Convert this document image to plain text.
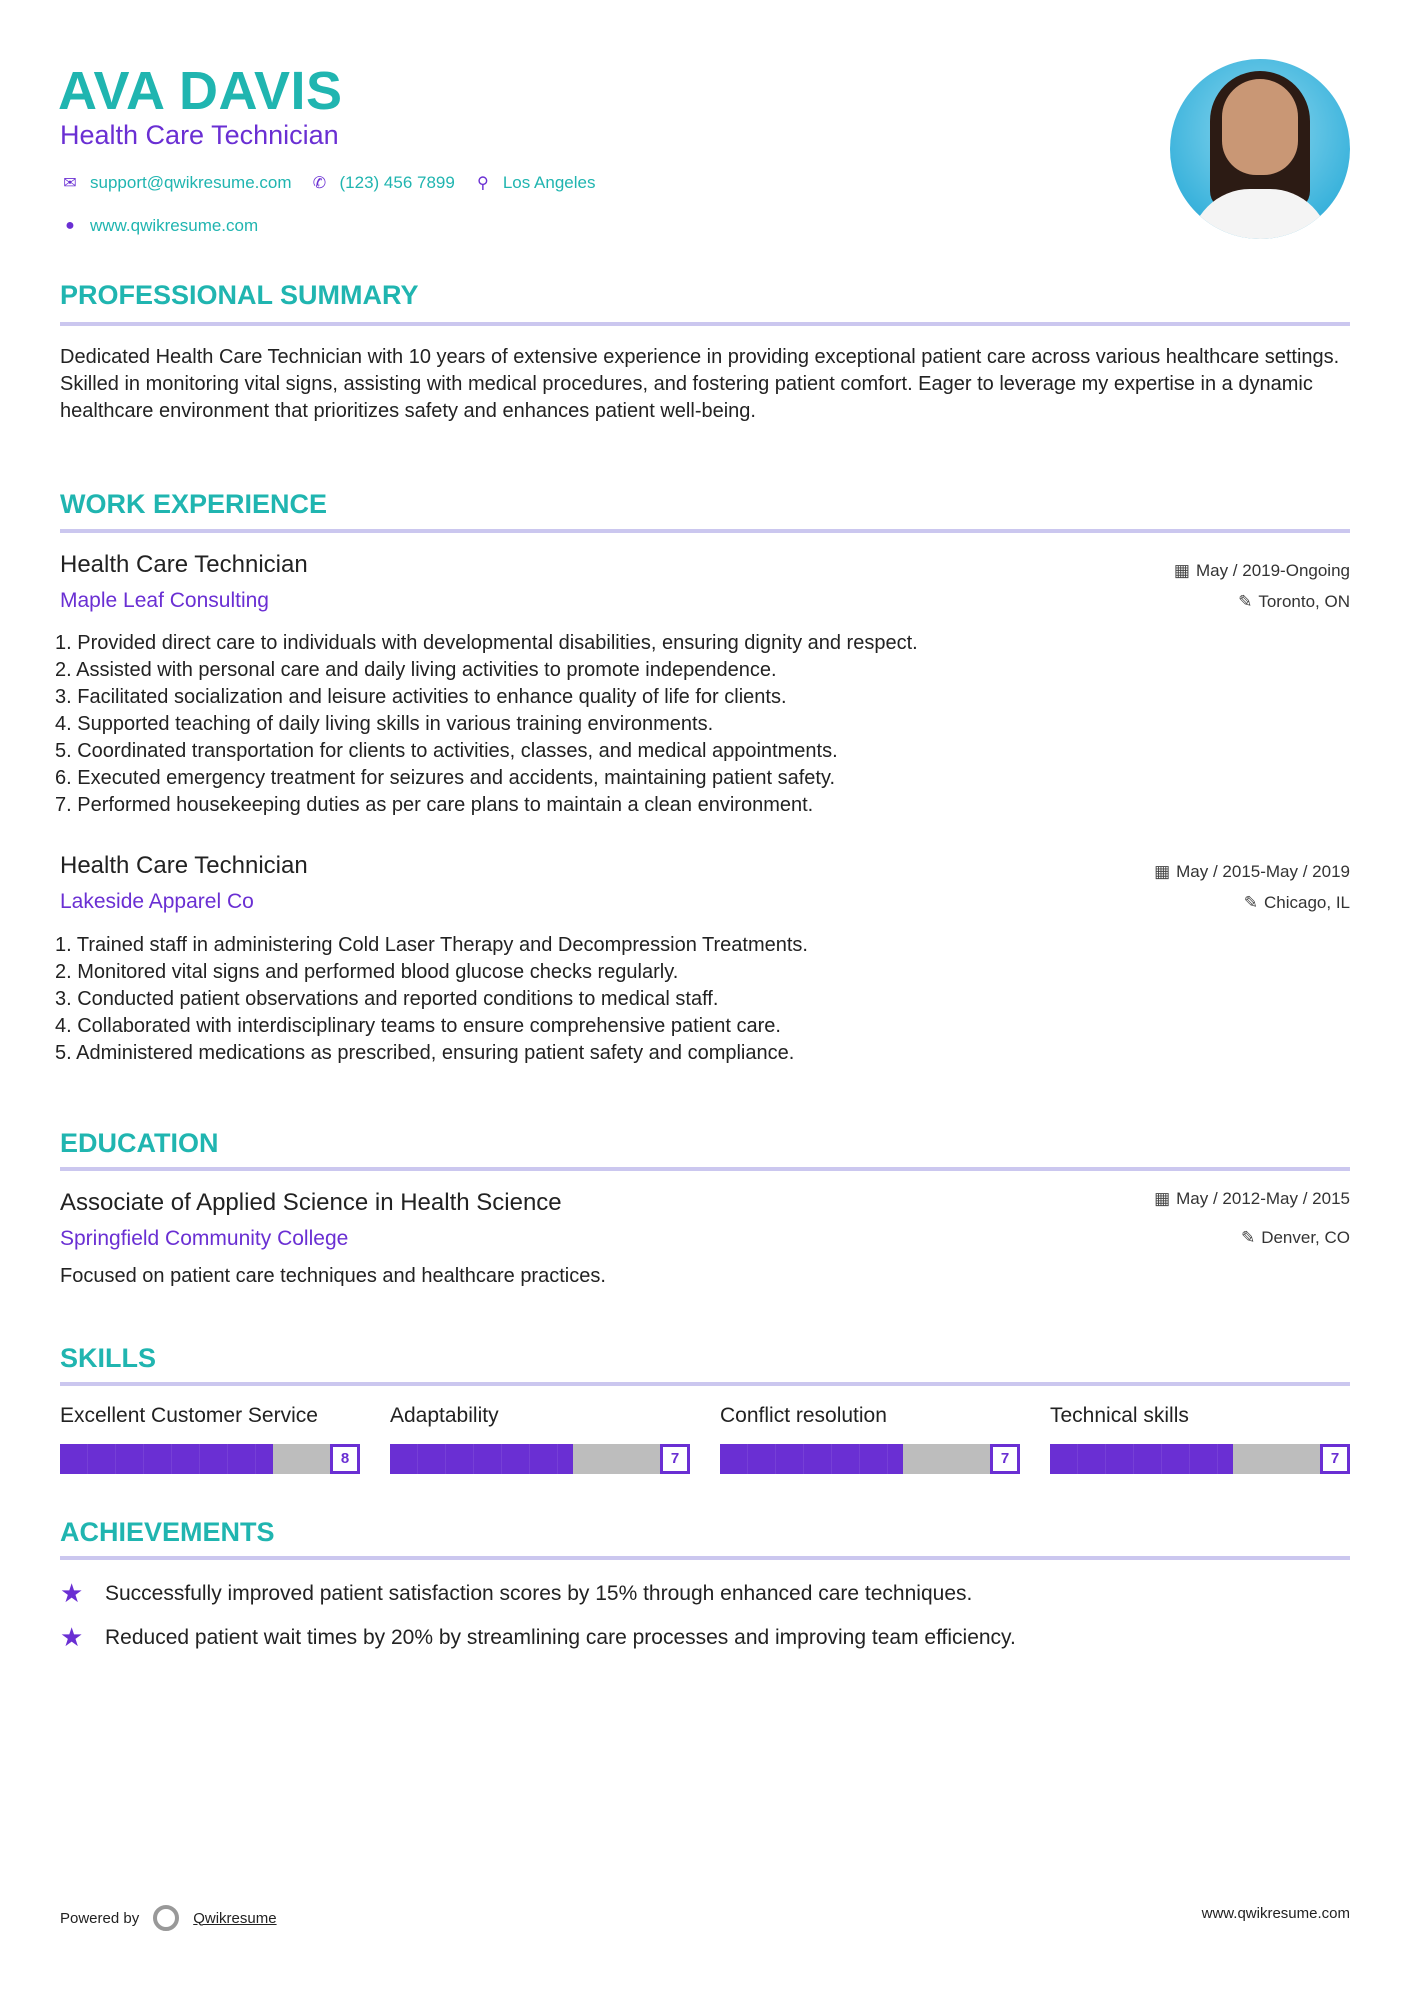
AVA DAVIS
Health Care Technician
✉ support@qwikresume.com ✆ (123) 456 7899 ⚲ Los Angeles
● www.qwikresume.com
PROFESSIONAL SUMMARY
Dedicated Health Care Technician with 10 years of extensive experience in providing exceptional patient care across various healthcare settings. Skilled in monitoring vital signs, assisting with medical procedures, and fostering patient comfort. Eager to leverage my expertise in a dynamic healthcare environment that prioritizes safety and enhances patient well-being.
WORK EXPERIENCE
Health Care Technician
Maple Leaf Consulting
▦ May / 2019-Ongoing
✎ Toronto, ON
1. Provided direct care to individuals with developmental disabilities, ensuring dignity and respect.
2. Assisted with personal care and daily living activities to promote independence.
3. Facilitated socialization and leisure activities to enhance quality of life for clients.
4. Supported teaching of daily living skills in various training environments.
5. Coordinated transportation for clients to activities, classes, and medical appointments.
6. Executed emergency treatment for seizures and accidents, maintaining patient safety.
7. Performed housekeeping duties as per care plans to maintain a clean environment.
Health Care Technician
Lakeside Apparel Co
▦ May / 2015-May / 2019
✎ Chicago, IL
1. Trained staff in administering Cold Laser Therapy and Decompression Treatments.
2. Monitored vital signs and performed blood glucose checks regularly.
3. Conducted patient observations and reported conditions to medical staff.
4. Collaborated with interdisciplinary teams to ensure comprehensive patient care.
5. Administered medications as prescribed, ensuring patient safety and compliance.
EDUCATION
Associate of Applied Science in Health Science
Springfield Community College
▦ May / 2012-May / 2015
✎ Denver, CO
Focused on patient care techniques and healthcare practices.
SKILLS
Excellent Customer Service
8
Adaptability
7
Conflict resolution
7
Technical skills
7
ACHIEVEMENTS
★	Successfully improved patient satisfaction scores by 15% through enhanced care techniques.
★	Reduced patient wait times by 20% by streamlining care processes and improving team efficiency.
Powered by	Qwikresume	www.qwikresume.com
